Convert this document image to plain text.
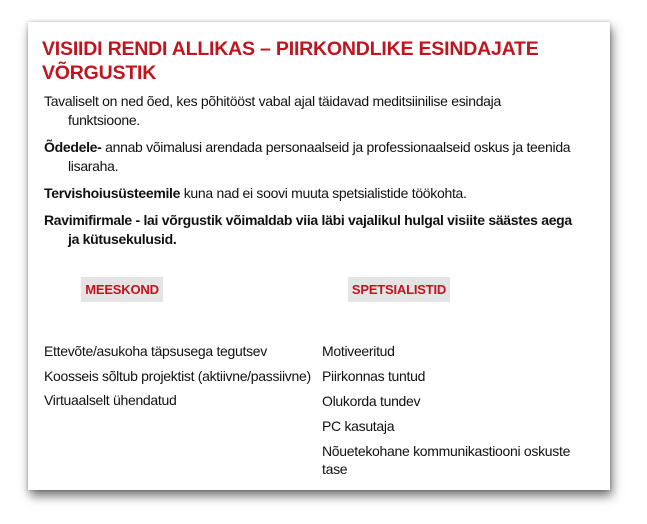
VISIIDI RENDI ALLIKAS – PIIRKONDLIKE ESINDAJATE VÕRGUSTIK

Tavaliselt on ned õed, kes põhitööst vabal ajal täidavad meditsiinilise esindaja
funktsioone.

Õdedele- annab võimalusi arendada personaalseid ja professionaalseid oskus ja teenida
lisaraha.

Tervishoiusüsteemile kuna nad ei soovi muuta spetsialistide töökohta.

Ravimifirmale - lai võrgustik võimaldab viia läbi vajalikul hulgal visiite säästes aega
ja kütusekulusid.

MEESKOND	SPETSIALISTID
Ettevõte/asukoha täpsusega tegutsev
Koosseis sõltub projektist (aktiivne/passiivne)
Virtuaalselt ühendatud
Motiveeritud
Piirkonnas tuntud
Olukorda tundev
PC kasutaja
Nõuetekohane kommunikastiooni oskuste tase
